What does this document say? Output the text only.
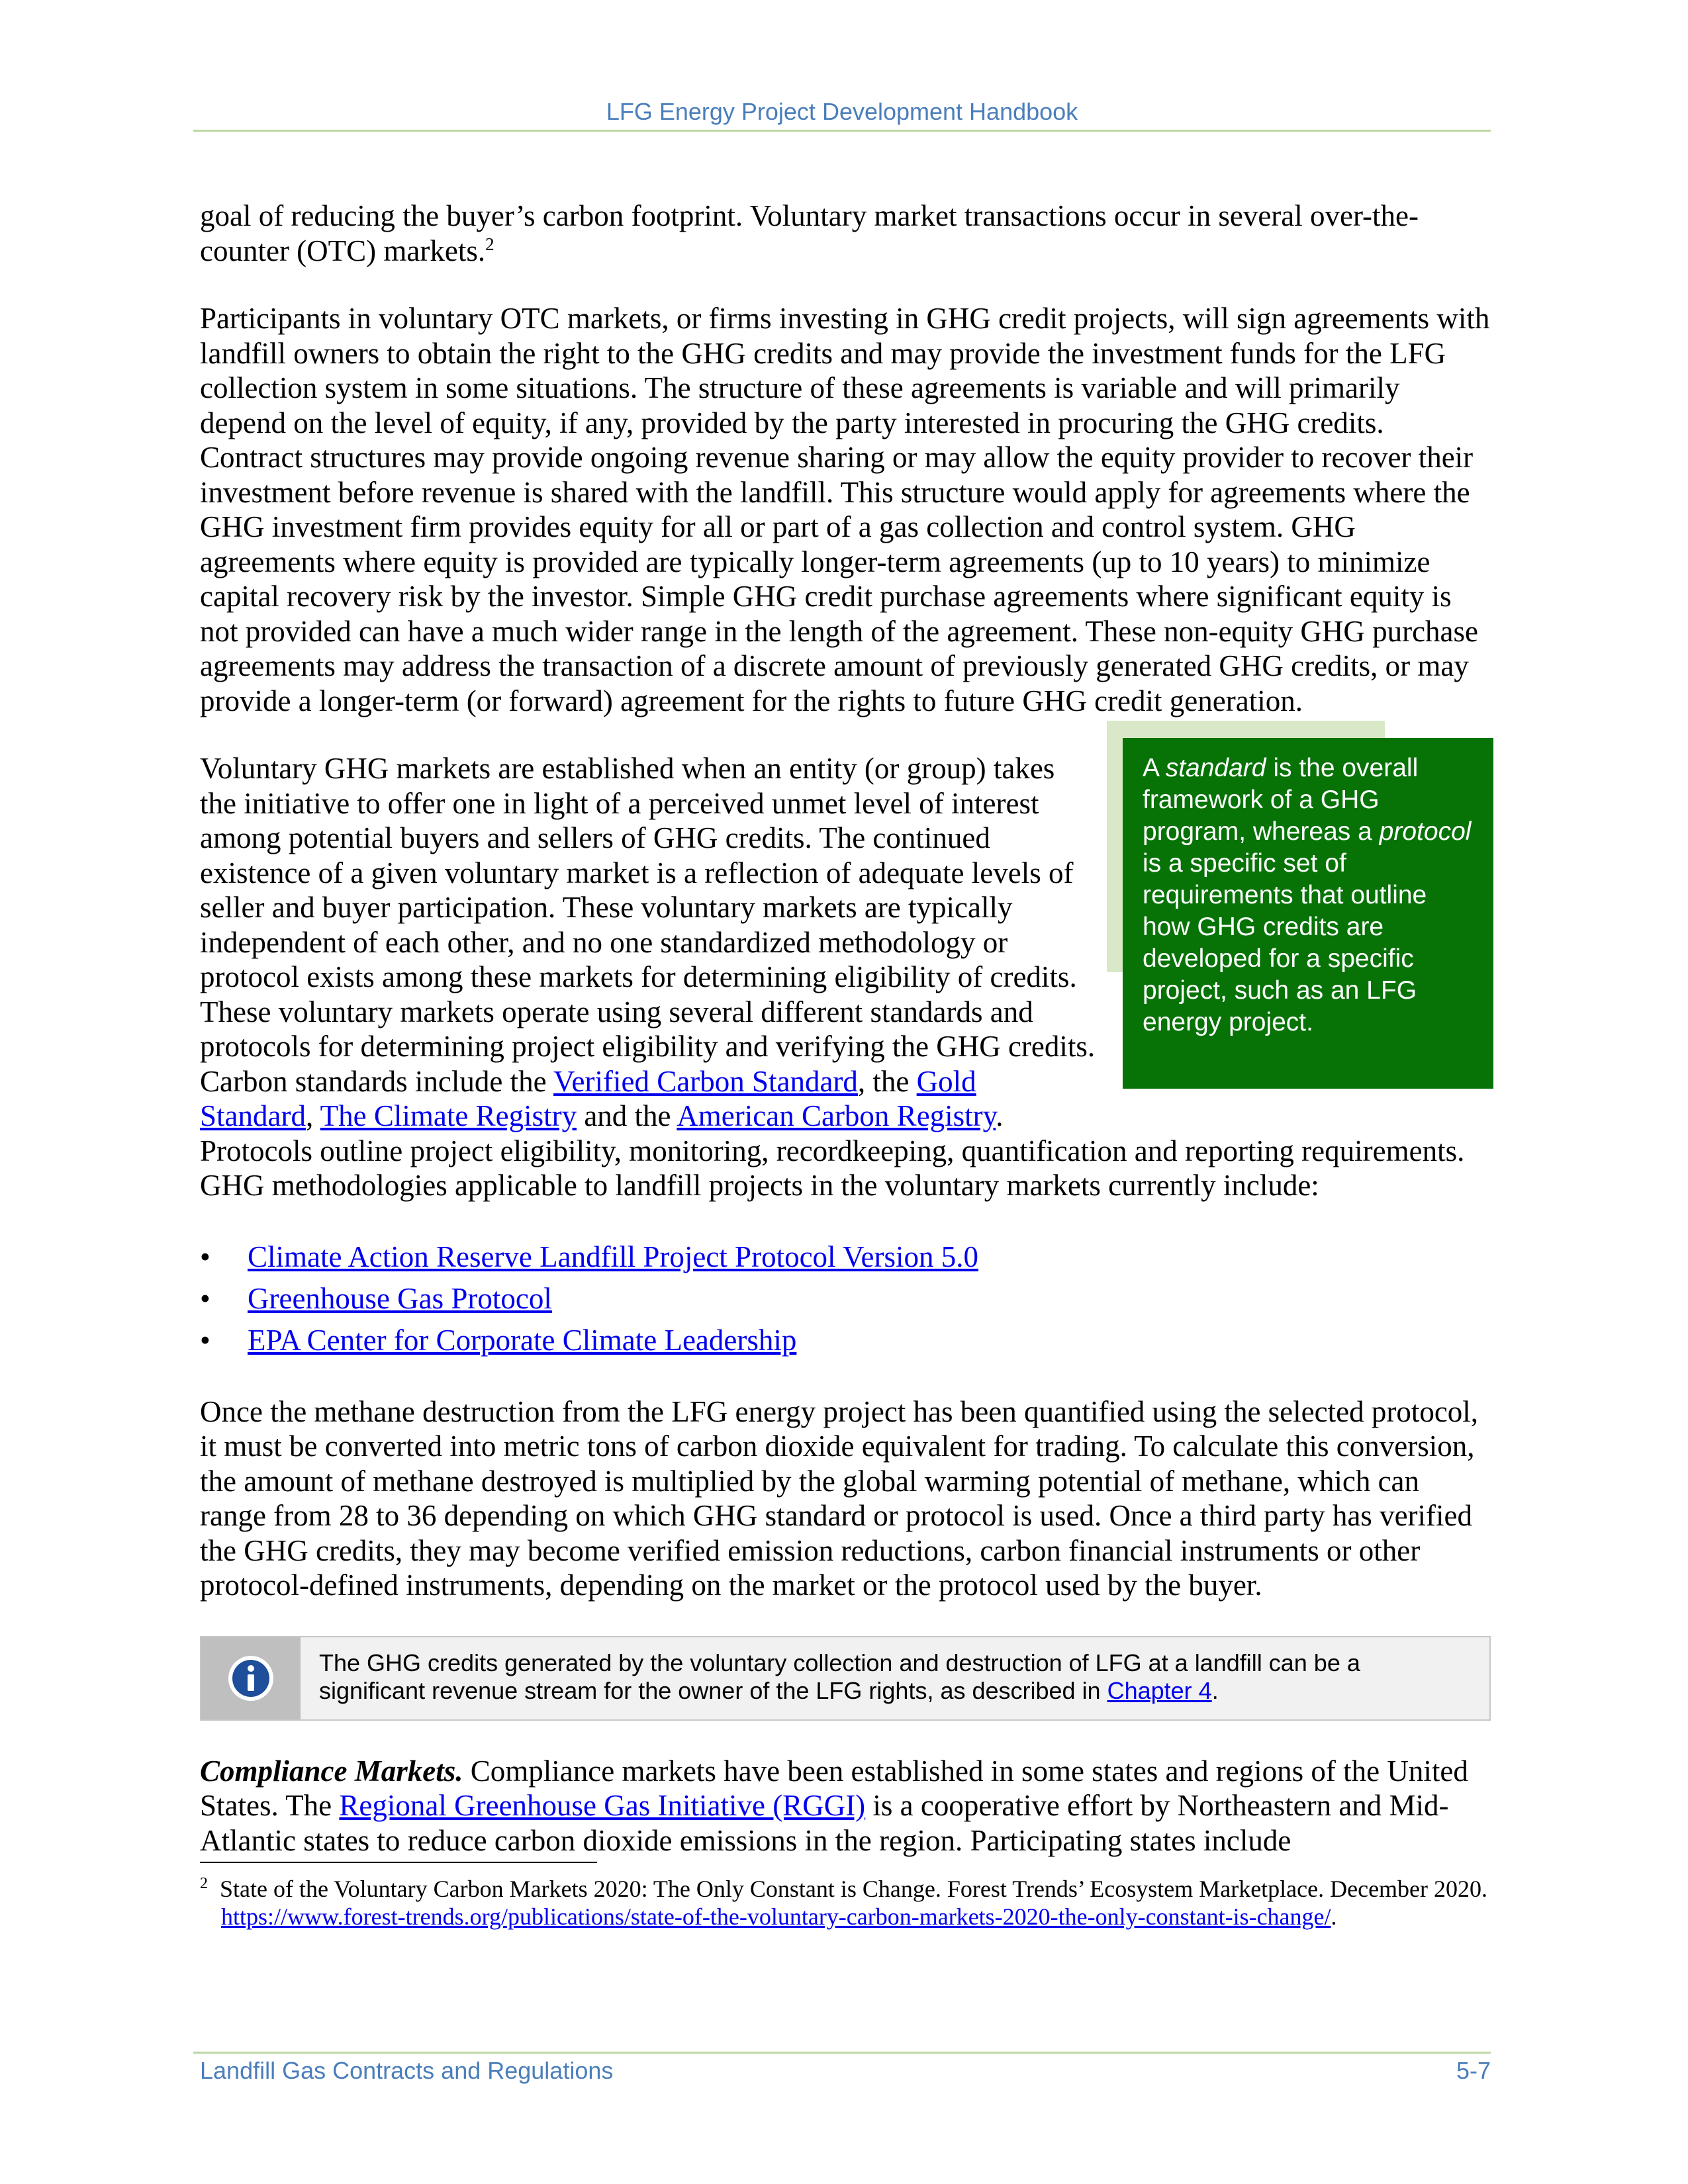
LFG Energy Project Development Handbook

goal of reducing the buyer’s carbon footprint. Voluntary market transactions occur in several over-the-counter (OTC) markets.$^2$

Participants in voluntary OTC markets, or firms investing in GHG credit projects, will sign agreements with landfill owners to obtain the right to the GHG credits and may provide the investment funds for the LFG collection system in some situations. The structure of these agreements is variable and will primarily depend on the level of equity, if any, provided by the party interested in procuring the GHG credits. Contract structures may provide ongoing revenue sharing or may allow the equity provider to recover their investment before revenue is shared with the landfill. This structure would apply for agreements where the GHG investment firm provides equity for all or part of a gas collection and control system. GHG agreements where equity is provided are typically longer-term agreements (up to 10 years) to minimize capital recovery risk by the investor. Simple GHG credit purchase agreements where significant equity is not provided can have a much wider range in the length of the agreement. These non-equity GHG purchase agreements may address the transaction of a discrete amount of previously generated GHG credits, or may provide a longer-term (or forward) agreement for the rights to future GHG credit generation.

A standard is the overall framework of a GHG program, whereas a protocol is a specific set of requirements that outline how GHG credits are developed for a specific project, such as an LFG energy project.

Voluntary GHG markets are established when an entity (or group) takes the initiative to offer one in light of a perceived unmet level of interest among potential buyers and sellers of GHG credits. The continued existence of a given voluntary market is a reflection of adequate levels of seller and buyer participation. These voluntary markets are typically independent of each other, and no one standardized methodology or protocol exists among these markets for determining eligibility of credits. These voluntary markets operate using several different standards and protocols for determining project eligibility and verifying the GHG credits. Carbon standards include the Verified Carbon Standard, the Gold Standard, The Climate Registry and the American Carbon Registry. Protocols outline project eligibility, monitoring, recordkeeping, quantification and reporting requirements. GHG methodologies applicable to landfill projects in the voluntary markets currently include:

• Climate Action Reserve Landfill Project Protocol Version 5.0
• Greenhouse Gas Protocol
• EPA Center for Corporate Climate Leadership

Once the methane destruction from the LFG energy project has been quantified using the selected protocol, it must be converted into metric tons of carbon dioxide equivalent for trading. To calculate this conversion, the amount of methane destroyed is multiplied by the global warming potential of methane, which can range from 28 to 36 depending on which GHG standard or protocol is used. Once a third party has verified the GHG credits, they may become verified emission reductions, carbon financial instruments or other protocol-defined instruments, depending on the market or the protocol used by the buyer.

The GHG credits generated by the voluntary collection and destruction of LFG at a landfill can be a significant revenue stream for the owner of the LFG rights, as described in Chapter 4.

Compliance Markets. Compliance markets have been established in some states and regions of the United States. The Regional Greenhouse Gas Initiative (RGGI) is a cooperative effort by Northeastern and Mid-Atlantic states to reduce carbon dioxide emissions in the region. Participating states include

$^2$ State of the Voluntary Carbon Markets 2020: The Only Constant is Change. Forest Trends’ Ecosystem Marketplace. December 2020. https://www.forest-trends.org/publications/state-of-the-voluntary-carbon-markets-2020-the-only-constant-is-change/.
Landfill Gas Contracts and Regulations	5-7
